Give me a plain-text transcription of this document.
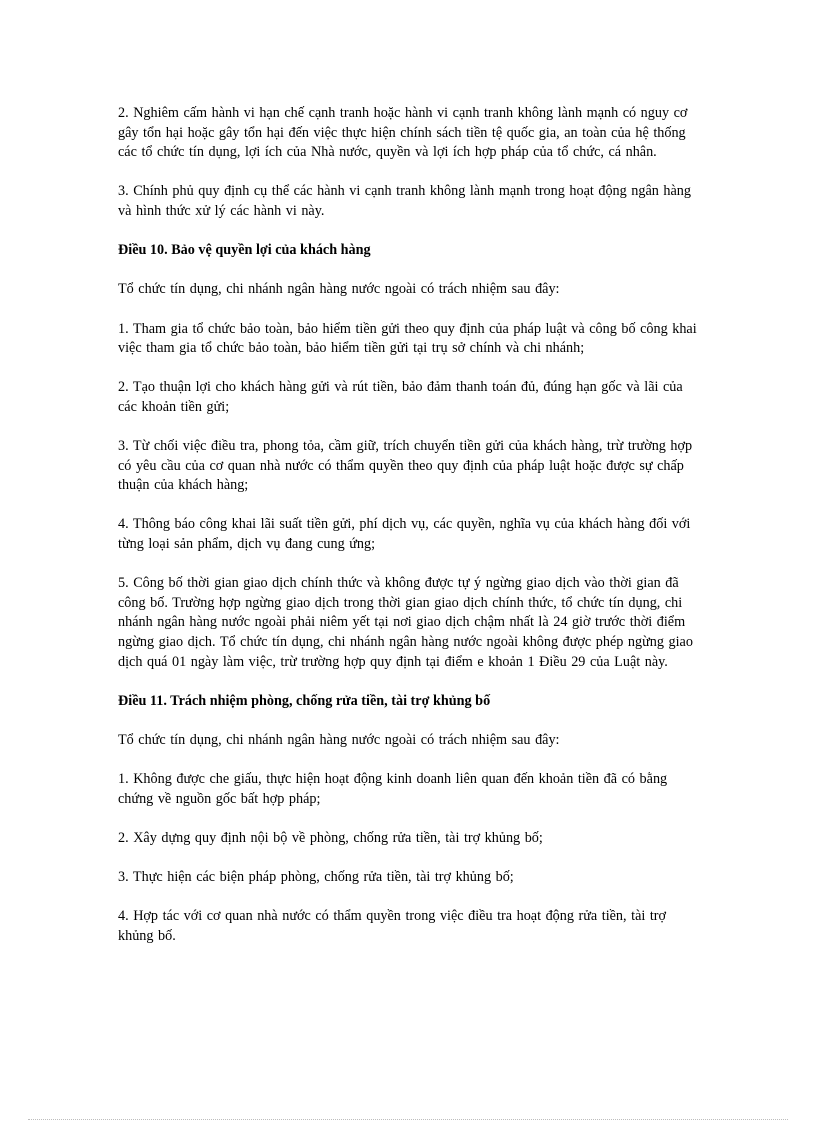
2. Nghiêm cấm hành vi hạn chế cạnh tranh hoặc hành vi cạnh tranh không lành mạnh có nguy cơ gây tổn hại hoặc gây tổn hại đến việc thực hiện chính sách tiền tệ quốc gia, an toàn của hệ thống các tổ chức tín dụng, lợi ích của Nhà nước, quyền và lợi ích hợp pháp của tổ chức, cá nhân.

3. Chính phủ quy định cụ thể các hành vi cạnh tranh không lành mạnh trong hoạt động ngân hàng và hình thức xử lý các hành vi này.

Điều 10. Bảo vệ quyền lợi của khách hàng

Tổ chức tín dụng, chi nhánh ngân hàng nước ngoài có trách nhiệm sau đây:

1. Tham gia tổ chức bảo toàn, bảo hiểm tiền gửi theo quy định của pháp luật và công bố công khai việc tham gia tổ chức bảo toàn, bảo hiểm tiền gửi tại trụ sở chính và chi nhánh;

2. Tạo thuận lợi cho khách hàng gửi và rút tiền, bảo đảm thanh toán đủ, đúng hạn gốc và lãi của các khoản tiền gửi;

3. Từ chối việc điều tra, phong tỏa, cầm giữ, trích chuyển tiền gửi của khách hàng, trừ trường hợp có yêu cầu của cơ quan nhà nước có thẩm quyền theo quy định của pháp luật hoặc được sự chấp thuận của khách hàng;

4. Thông báo công khai lãi suất tiền gửi, phí dịch vụ, các quyền, nghĩa vụ của khách hàng đối với từng loại sản phẩm, dịch vụ đang cung ứng;

5. Công bố thời gian giao dịch chính thức và không được tự ý ngừng giao dịch vào thời gian đã công bố. Trường hợp ngừng giao dịch trong thời gian giao dịch chính thức, tổ chức tín dụng, chi nhánh ngân hàng nước ngoài phải niêm yết tại nơi giao dịch chậm nhất là 24 giờ trước thời điểm ngừng giao dịch. Tổ chức tín dụng, chi nhánh ngân hàng nước ngoài không được phép ngừng giao dịch quá 01 ngày làm việc, trừ trường hợp quy định tại điểm e khoản 1 Điều 29 của Luật này.

Điều 11. Trách nhiệm phòng, chống rửa tiền, tài trợ khủng bố

Tổ chức tín dụng, chi nhánh ngân hàng nước ngoài có trách nhiệm sau đây:

1. Không được che giấu, thực hiện hoạt động kinh doanh liên quan đến khoản tiền đã có bằng chứng về nguồn gốc bất hợp pháp;

2. Xây dựng quy định nội bộ về phòng, chống rửa tiền, tài trợ khủng bố;

3. Thực hiện các biện pháp phòng, chống rửa tiền, tài trợ khủng bố;

4. Hợp tác với cơ quan nhà nước có thẩm quyền trong việc điều tra hoạt động rửa tiền, tài trợ khủng bố.
